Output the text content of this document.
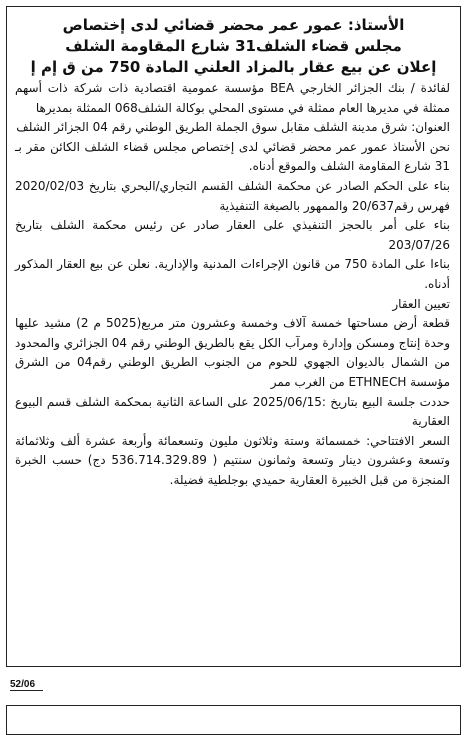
الأستاذ: عمور عمر محضر قضائي لدى إختصاص
مجلس قضاء الشلف31 شارع المقاومة الشلف
إعلان عن بيع عقار بالمزاد العلني المادة 750 من ق إم إ

لفائدة / بنك الجزائر الخارجي BEA مؤسسة عمومية اقتصادية ذات شركة ذات أسهم ممثلة في مديرها العام ممثلة في مستوى المحلي بوكالة الشلف068 الممثلة بمديرها

العنوان: شرق مدينة الشلف مقابل سوق الجملة الطريق الوطني رقم 04 الجزائر الشلف

نحن الأستاذ عمور عمر محضر قضائي لدى إختصاص مجلس قضاء الشلف الكائن مقر بـ 31 شارع المقاومة الشلف والموقع أدناه.

بناء على الحكم الصادر عن محكمة الشلف القسم التجاري/البحري بتاريخ 2020/02/03 فهرس رقم20/637 والممهور بالصيغة التنفيذية

بناء على أمر بالحجز التنفيذي على العقار صادر عن رئيس محكمة الشلف بتاريخ 203/07/26

بناءا على المادة 750 من قانون الإجراءات المدنية والإدارية. نعلن عن بيع العقار المذكور أدناه.

تعيين العقار

قطعة أرض مساحتها خمسة آلاف وخمسة وعشرون متر مربع(5025 م 2) مشيد عليها وحدة إنتاج ومسكن وإدارة ومرآب الكل يقع بالطريق الوطني رقم 04 الجزائري والمحدود من الشمال بالديوان الجهوي للحوم من الجنوب الطريق الوطني رقم04 من الشرق مؤسسة ETHNECH من الغرب ممر

حددت جلسة البيع بتاريخ :2025/06/15 على الساعة الثانية بمحكمة الشلف قسم البيوع العقارية

السعر الافتتاحي: خمسمائة وستة وثلاثون مليون وتسعمائة وأربعة عشرة ألف وثلاثمائة وتسعة وعشرون دينار وتسعة وثمانون سنتيم ( 536.714.329.89 دج) حسب الخبرة المنجزة من قبل الخبيرة العقارية حميدي بوجلطية فضيلة.

52/06
